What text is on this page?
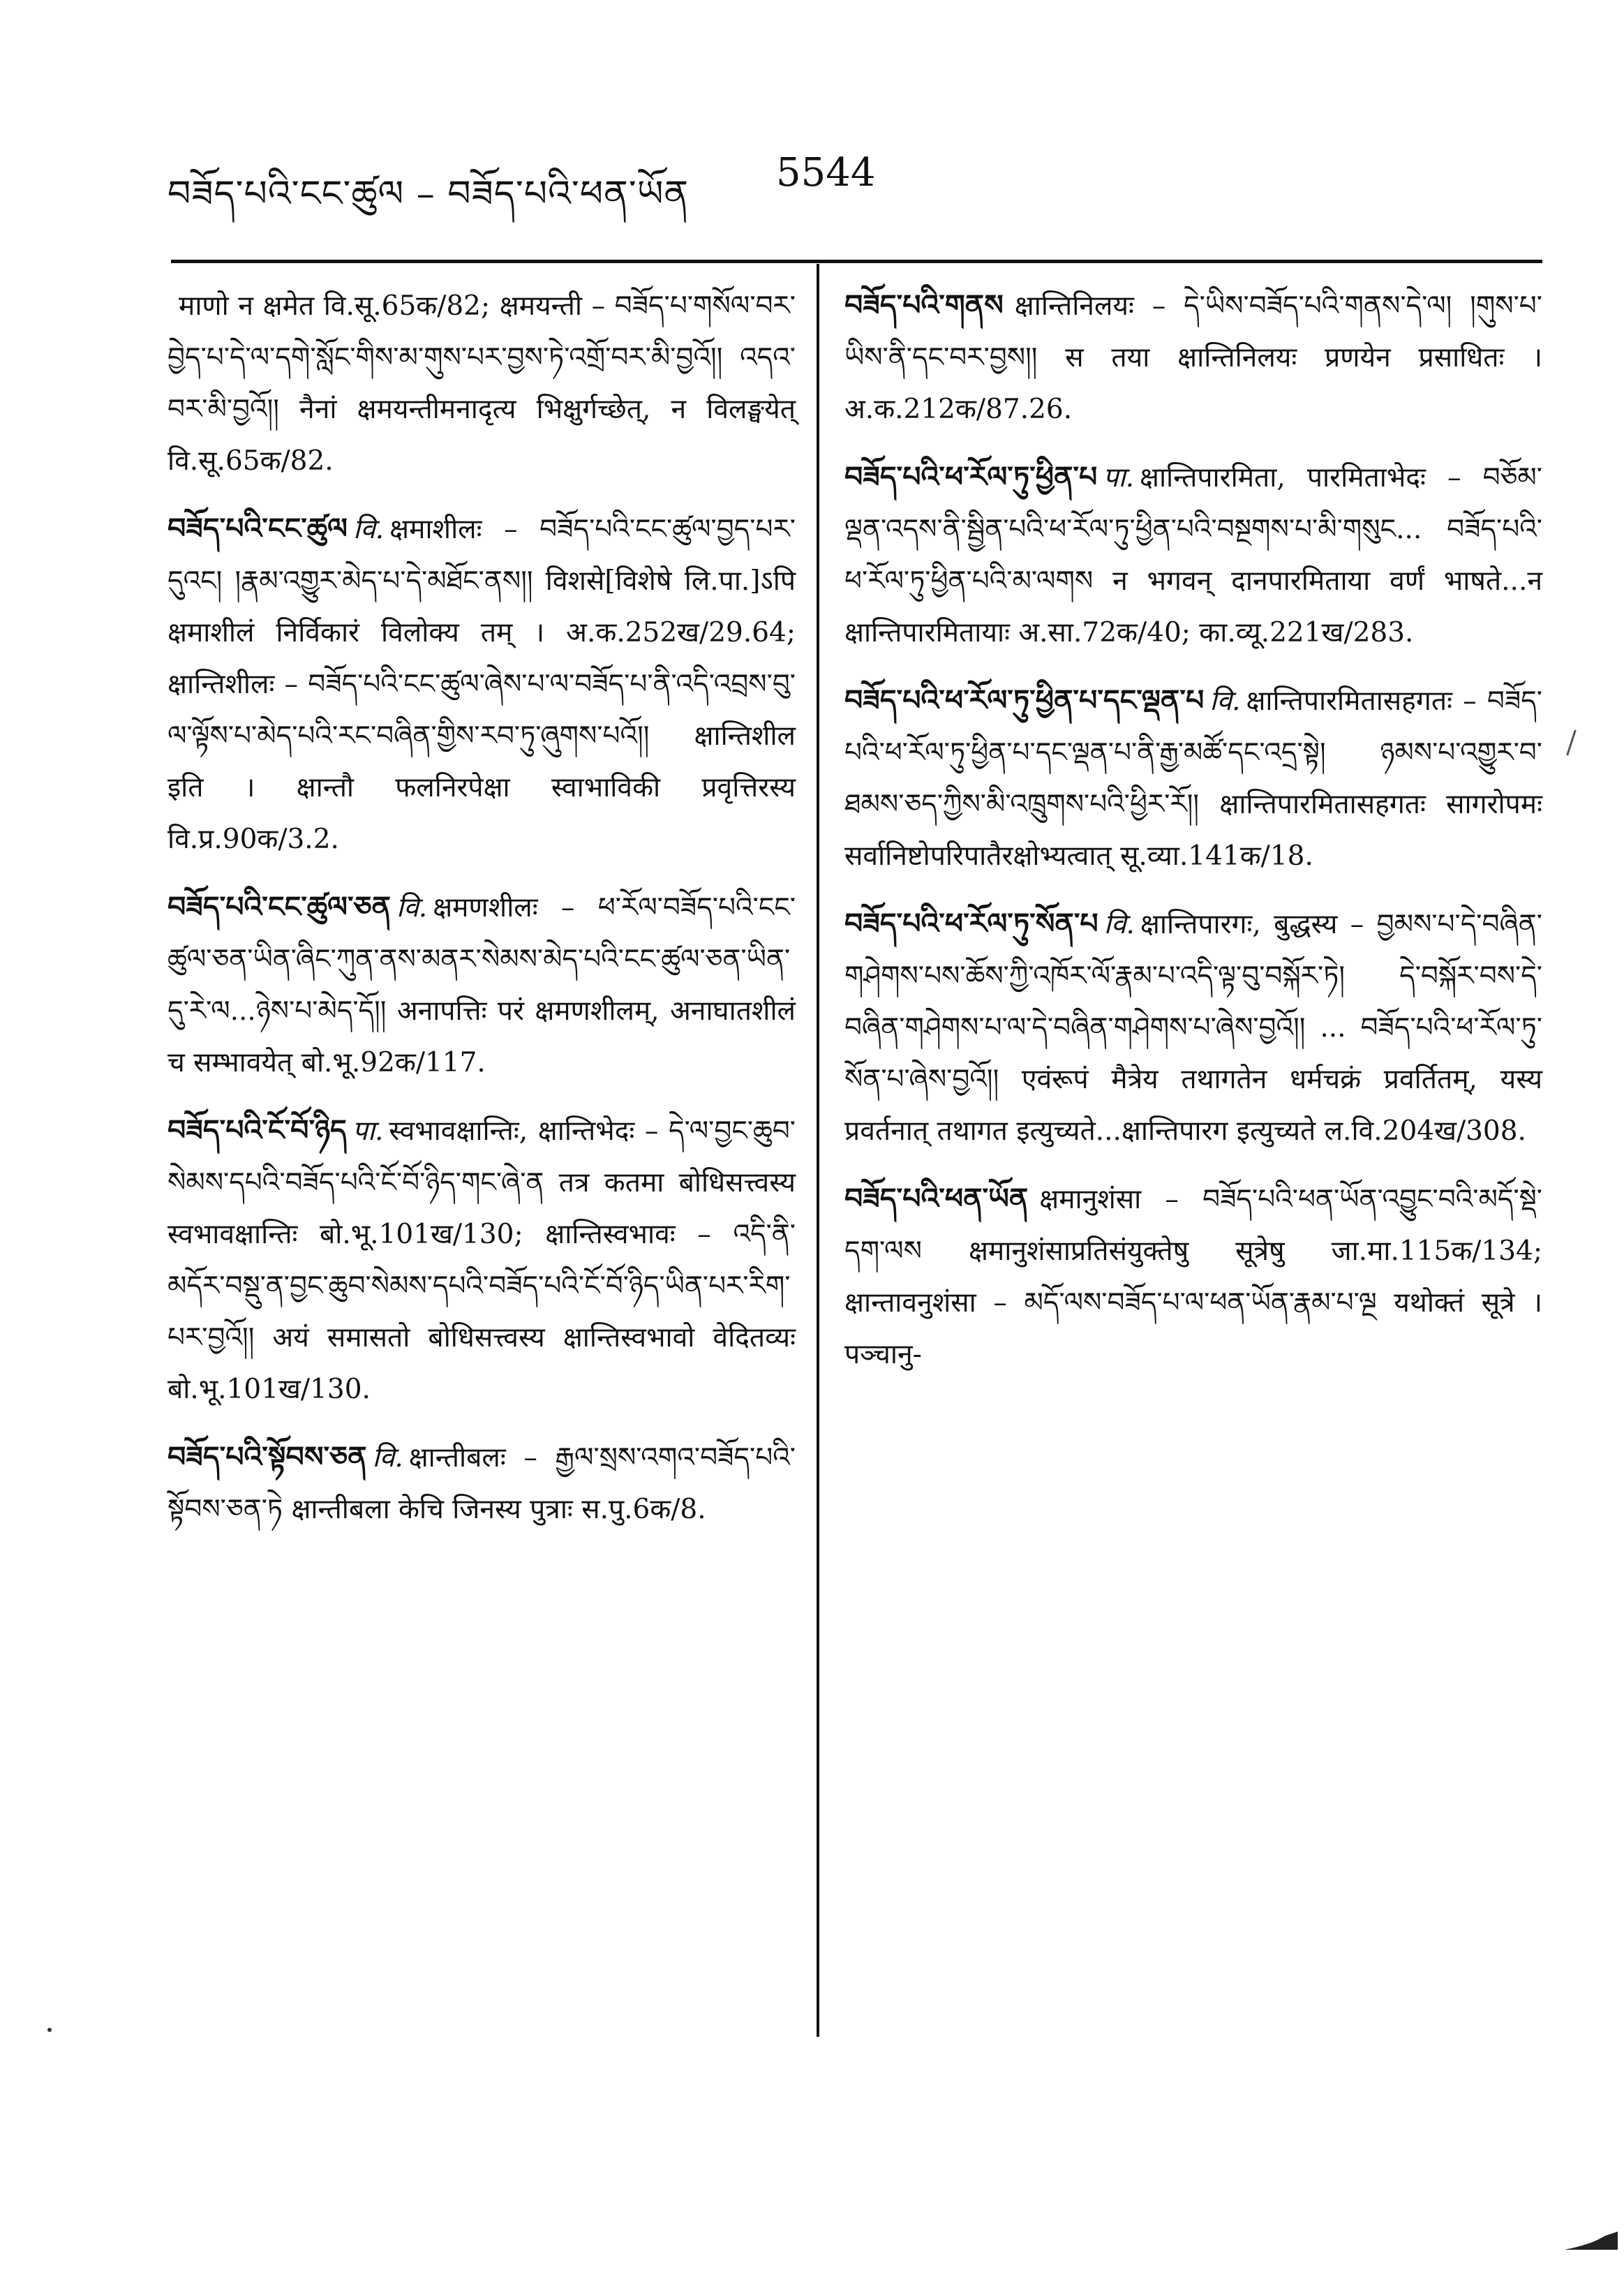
བཟོད་པའི་ངང་ཚུལ – བཟོད་པའི་ཕན་ཡོན 5544

माणो न क्षमेत वि.सू.65क/82; क्षमयन्ती – བཟོད་པ་གསོལ་བར་བྱེད་པ་དེ་ལ་དགེ་སློང་གིས་མ་གུས་པར་བྱས་ཏེ་འགྲོ་བར་མི་བྱའོ།། འདའ་བར་མི་བྱའོ།། नैनां क्षमयन्तीमनादृत्य भिक्षुर्गच्छेत्, न विलङ्घयेत् वि.सू.65क/82.

བཟོད་པའི་ངང་ཚུལ वि. क्षमाशीलः – བཟོད་པའི་ངང་ཚུལ་བྱད་པར་དུའང། །རྣམ་འགྱུར་མེད་པ་དེ་མཐོང་ནས།། विशसे[विशेषे लि.पा.]ऽपि क्षमाशीलं निर्विकारं विलोक्य तम् । अ.क.252ख/29.64; क्षान्तिशीलः – བཟོད་པའི་ངང་ཚུལ་ཞེས་པ་ལ་བཟོད་པ་ནི་འདི་འབྲས་བུ་ལ་ལྟོས་པ་མེད་པའི་རང་བཞིན་གྱིས་རབ་ཏུ་ཞུགས་པའོ།། क्षान्तिशील इति । क्षान्तौ फलनिरपेक्षा स्वाभाविकी प्रवृत्तिरस्य वि.प्र.90क/3.2.

བཟོད་པའི་ངང་ཚུལ་ཅན वि. क्षमणशीलः – ཕ་རོལ་བཟོད་པའི་ངང་ཚུལ་ཅན་ཡིན་ཞིང་ཀུན་ནས་མནར་སེམས་མེད་པའི་ངང་ཚུལ་ཅན་ཡིན་དུ་རེ་ལ...ཉེས་པ་མེད་དོ།། अनापत्तिः परं क्षमणशीलम्, अनाघातशीलं च सम्भावयेत् बो.भू.92क/117.

བཟོད་པའི་ངོ་བོ་ཉིད पा. स्वभावक्षान्तिः, क्षान्तिभेदः – དེ་ལ་བྱང་ཆུབ་སེམས་དཔའི་བཟོད་པའི་ངོ་བོ་ཉིད་གང་ཞེ་ན तत्र कतमा बोधिसत्त्वस्य स्वभावक्षान्तिः बो.भू.101ख/130; क्षान्तिस्वभावः – འདི་ནི་མདོར་བསྡུ་ན་བྱང་ཆུབ་སེམས་དཔའི་བཟོད་པའི་ངོ་བོ་ཉིད་ཡིན་པར་རིག་པར་བྱའོ།། अयं समासतो बोधिसत्त्वस्य क्षान्तिस्वभावो वेदितव्यः बो.भू.101ख/130.

བཟོད་པའི་སྟོབས་ཅན वि. क्षान्तीबलः – རྒྱལ་སྲས་འགའ་བཟོད་པའི་སྟོབས་ཅན་ཏེ क्षान्तीबला केचि जिनस्य पुत्राः स.पु.6क/8.

བཟོད་པའི་གནས क्षान्तिनिलयः – དེ་ཡིས་བཟོད་པའི་གནས་དེ་ལ། །གུས་པ་ཡིས་ནི་དང་བར་བྱས།། स तया क्षान्तिनिलयः प्रणयेन प्रसाधितः । अ.क.212क/87.26.

བཟོད་པའི་ཕ་རོལ་ཏུ་ཕྱིན་པ पा. क्षान्तिपारमिता, पारमिताभेदः – བཅོམ་ལྡན་འདས་ནི་སྦྱིན་པའི་ཕ་རོལ་ཏུ་ཕྱིན་པའི་བསྔགས་པ་མི་གསུང... བཟོད་པའི་ཕ་རོལ་ཏུ་ཕྱིན་པའི་མ་ལགས न भगवन् दानपारमिताया वर्णं भाषते...न क्षान्तिपारमितायाः अ.सा.72क/40; का.व्यू.221ख/283.

བཟོད་པའི་ཕ་རོལ་ཏུ་ཕྱིན་པ་དང་ལྡན་པ वि. क्षान्तिपारमितासहगतः – བཟོད་པའི་ཕ་རོལ་ཏུ་ཕྱིན་པ་དང་ལྡན་པ་ནི་རྒྱ་མཚོ་དང་འདྲ་སྟེ། ཉམས་པ་འགྱུར་བ་ཐམས་ཅད་ཀྱིས་མི་འཁྲུགས་པའི་ཕྱིར་རོ།། क्षान्तिपारमितासहगतः सागरोपमः सर्वानिष्टोपरिपातैरक्षोभ्यत्वात् सू.व्या.141क/18.

བཟོད་པའི་ཕ་རོལ་ཏུ་སོན་པ वि. क्षान्तिपारगः, बुद्धस्य – བྱམས་པ་དེ་བཞིན་གཤེགས་པས་ཆོས་ཀྱི་འཁོར་ལོ་རྣམ་པ་འདི་ལྟ་བུ་བསྐོར་ཏེ། དེ་བསྐོར་བས་དེ་བཞིན་གཤེགས་པ་ལ་དེ་བཞིན་གཤེགས་པ་ཞེས་བྱའོ།། ... བཟོད་པའི་ཕ་རོལ་ཏུ་སོན་པ་ཞེས་བྱའོ།། एवंरूपं मैत्रेय तथागतेन धर्मचक्रं प्रवर्तितम्, यस्य प्रवर्तनात् तथागत इत्युच्यते...क्षान्तिपारग इत्युच्यते ल.वि.204ख/308.

བཟོད་པའི་ཕན་ཡོན क्षमानुशंसा – བཟོད་པའི་ཕན་ཡོན་འབྱུང་བའི་མདོ་སྡེ་དག་ལས क्षमानुशंसाप्रतिसंयुक्तेषु सूत्रेषु जा.मा.115क/134; क्षान्तावनुशंसा – མདོ་ལས་བཟོད་པ་ལ་ཕན་ཡོན་རྣམ་པ་ལྔ यथोक्तं सूत्रे । पञ्चानु-
